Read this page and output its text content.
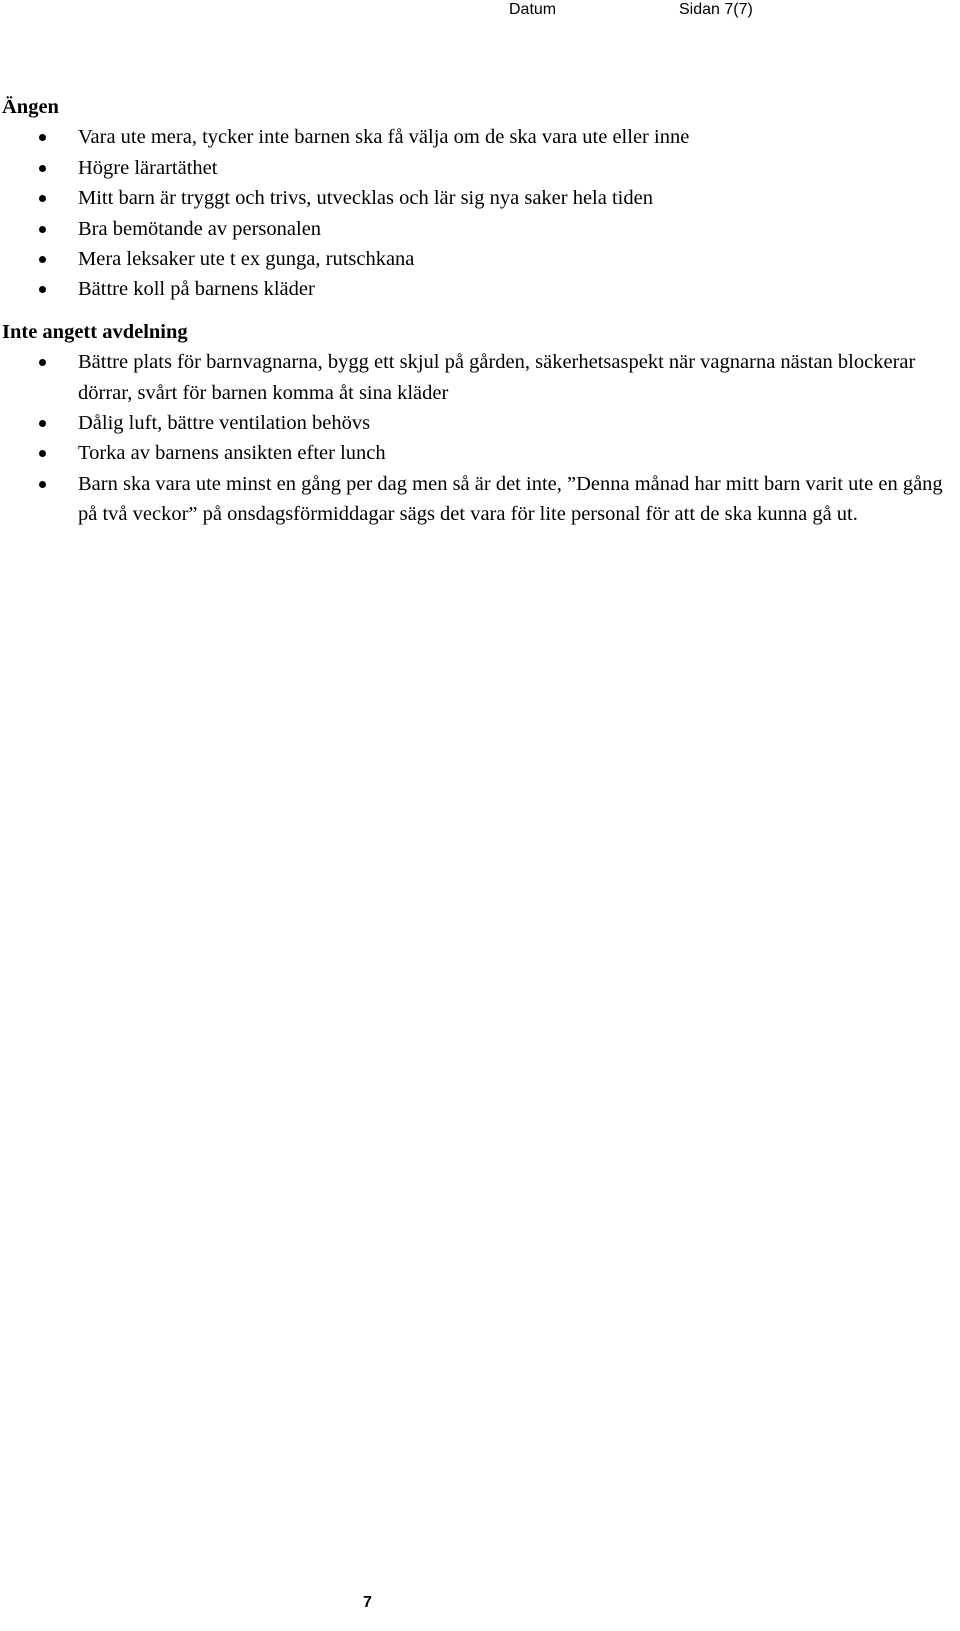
Datum	Sidan 7(7)
Ängen
Vara ute mera, tycker inte barnen ska få välja om de ska vara ute eller inne
Högre lärartäthet
Mitt barn är tryggt och trivs, utvecklas och lär sig nya saker hela tiden
Bra bemötande av personalen
Mera leksaker ute t ex gunga, rutschkana
Bättre koll på barnens kläder
Inte angett avdelning
Bättre plats för barnvagnarna, bygg ett skjul på gården, säkerhetsaspekt när vagnarna nästan blockerar dörrar, svårt för barnen komma åt sina kläder
Dålig luft, bättre ventilation behövs
Torka av barnens ansikten efter lunch
Barn ska vara ute minst en gång per dag men så är det inte, ”Denna månad har mitt barn varit ute en gång på två veckor” på onsdagsförmiddagar sägs det vara för lite personal för att de ska kunna gå ut.
7
